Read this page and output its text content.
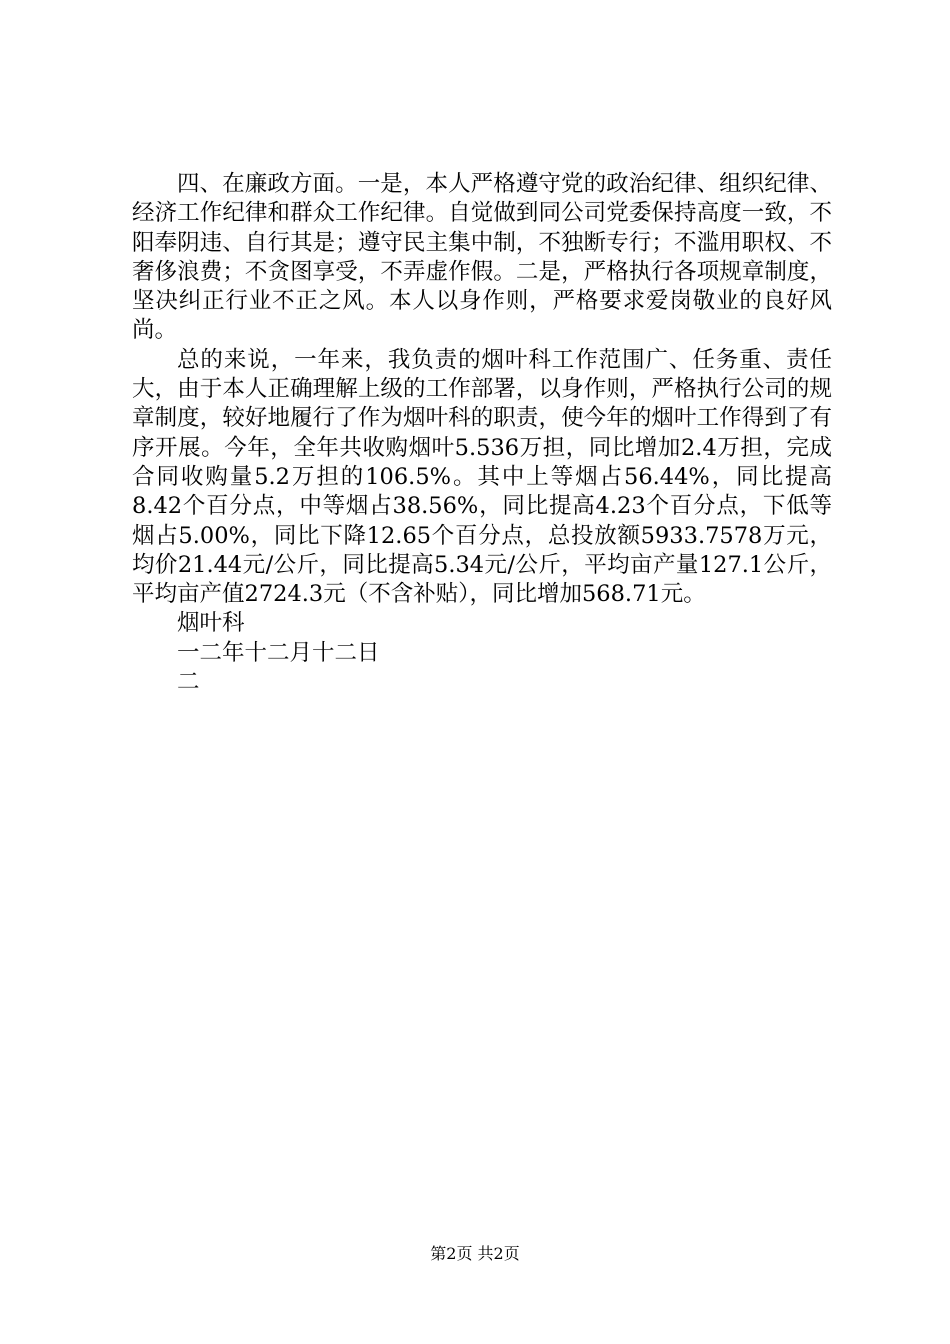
四、在廉政方面。一是，本人严格遵守党的政治纪律、组织纪律、经济工作纪律和群众工作纪律。自觉做到同公司党委保持高度一致，不阳奉阴违、自行其是；遵守民主集中制，不独断专行；不滥用职权、不奢侈浪费；不贪图享受，不弄虚作假。二是，严格执行各项规章制度，坚决纠正行业不正之风。本人以身作则，严格要求爱岗敬业的良好风尚。

总的来说，一年来，我负责的烟叶科工作范围广、任务重、责任大，由于本人正确理解上级的工作部署，以身作则，严格执行公司的规章制度，较好地履行了作为烟叶科的职责，使今年的烟叶工作得到了有序开展。今年，全年共收购烟叶5.536万担，同比增加2.4万担，完成合同收购量5.2万担的106.5%。其中上等烟占56.44%，同比提高8.42个百分点，中等烟占38.56%，同比提高4.23个百分点，下低等烟占5.00%，同比下降12.65个百分点，总投放额5933.7578万元，均价21.44元/公斤，同比提高5.34元/公斤，平均亩产量127.1公斤，平均亩产值2724.3元（不含补贴），同比增加568.71元。

烟叶科

一二年十二月十二日

二

第2页 共2页
